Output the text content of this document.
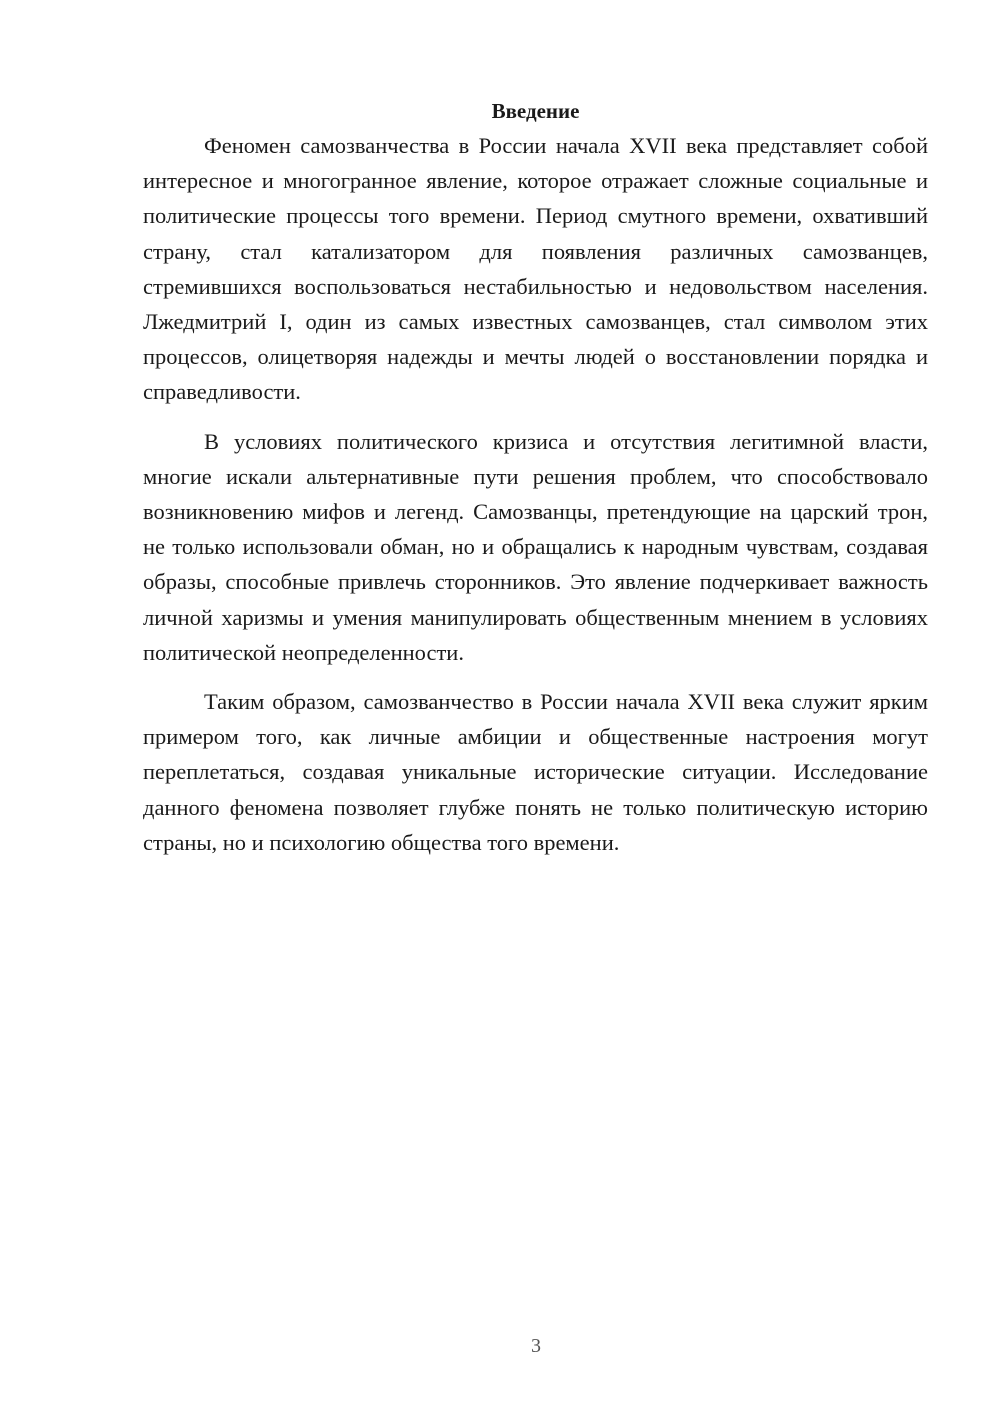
Введение

Феномен самозванчества в России начала XVII века представляет собой интересное и многогранное явление, которое отражает сложные социальные и политические процессы того времени. Период смутного времени, охвативший страну, стал катализатором для появления различных самозванцев, стремившихся воспользоваться нестабильностью и недовольством населения. Лжедмитрий I, один из самых известных самозванцев, стал символом этих процессов, олицетворяя надежды и мечты людей о восстановлении порядка и справедливости.

В условиях политического кризиса и отсутствия легитимной власти, многие искали альтернативные пути решения проблем, что способствовало возникновению мифов и легенд. Самозванцы, претендующие на царский трон, не только использовали обман, но и обращались к народным чувствам, создавая образы, способные привлечь сторонников. Это явление подчеркивает важность личной харизмы и умения манипулировать общественным мнением в условиях политической неопределенности.

Таким образом, самозванчество в России начала XVII века служит ярким примером того, как личные амбиции и общественные настроения могут переплетаться, создавая уникальные исторические ситуации. Исследование данного феномена позволяет глубже понять не только политическую историю страны, но и психологию общества того времени.

3
